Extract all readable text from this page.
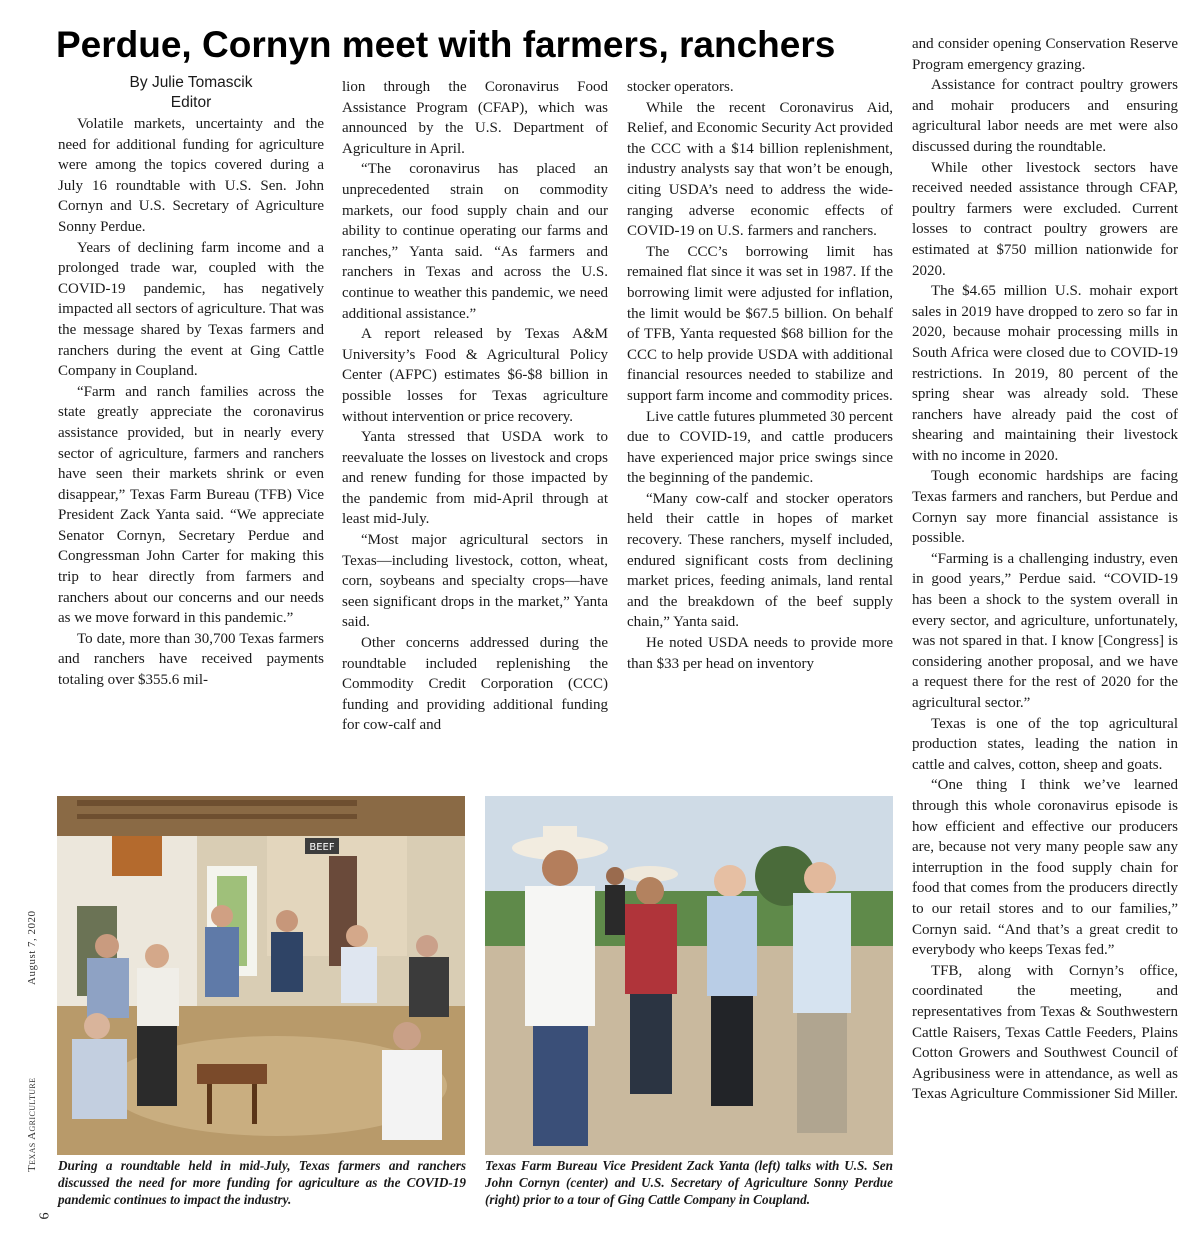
Perdue, Cornyn meet with farmers, ranchers
By Julie Tomascik
Editor

Volatile markets, uncertainty and the need for additional funding for agriculture were among the topics covered during a July 16 roundtable with U.S. Sen. John Cornyn and U.S. Secretary of Agriculture Sonny Perdue.

Years of declining farm income and a prolonged trade war, coupled with the COVID-19 pandemic, has negatively impacted all sectors of agriculture. That was the message shared by Texas farmers and ranchers during the event at Ging Cattle Company in Coupland.

“Farm and ranch families across the state greatly appreciate the coronavirus assistance provided, but in nearly every sector of agriculture, farmers and ranchers have seen their markets shrink or even disappear,” Texas Farm Bureau (TFB) Vice President Zack Yanta said. “We appreciate Senator Cornyn, Secretary Perdue and Congressman John Carter for making this trip to hear directly from farmers and ranchers about our concerns and our needs as we move forward in this pandemic.”

To date, more than 30,700 Texas farmers and ranchers have received payments totaling over $355.6 mil-

lion through the Coronavirus Food Assistance Program (CFAP), which was announced by the U.S. Department of Agriculture in April.

“The coronavirus has placed an unprecedented strain on commodity markets, our food supply chain and our ability to continue operating our farms and ranches,” Yanta said. “As farmers and ranchers in Texas and across the U.S. continue to weather this pandemic, we need additional assistance.”

A report released by Texas A&M University’s Food & Agricultural Policy Center (AFPC) estimates $6-$8 billion in possible losses for Texas agriculture without intervention or price recovery.

Yanta stressed that USDA work to reevaluate the losses on livestock and crops and renew funding for those impacted by the pandemic from mid-April through at least mid-July.

“Most major agricultural sectors in Texas—including livestock, cotton, wheat, corn, soybeans and specialty crops—have seen significant drops in the market,” Yanta said.

Other concerns addressed during the roundtable included replenishing the Commodity Credit Corporation (CCC) funding and providing additional funding for cow-calf and

stocker operators.

While the recent Coronavirus Aid, Relief, and Economic Security Act provided the CCC with a $14 billion replenishment, industry analysts say that won’t be enough, citing USDA’s need to address the wide-ranging adverse economic effects of COVID-19 on U.S. farmers and ranchers.

The CCC’s borrowing limit has remained flat since it was set in 1987. If the borrowing limit were adjusted for inflation, the limit would be $67.5 billion. On behalf of TFB, Yanta requested $68 billion for the CCC to help provide USDA with additional financial resources needed to stabilize and support farm income and commodity prices.

Live cattle futures plummeted 30 percent due to COVID-19, and cattle producers have experienced major price swings since the beginning of the pandemic.

“Many cow-calf and stocker operators held their cattle in hopes of market recovery. These ranchers, myself included, endured significant costs from declining market prices, feeding animals, land rental and the breakdown of the beef supply chain,” Yanta said.

He noted USDA needs to provide more than $33 per head on inventory

and consider opening Conservation Reserve Program emergency grazing.

Assistance for contract poultry growers and mohair producers and ensuring agricultural labor needs are met were also discussed during the roundtable.

While other livestock sectors have received needed assistance through CFAP, poultry farmers were excluded. Current losses to contract poultry growers are estimated at $750 million nationwide for 2020.

The $4.65 million U.S. mohair export sales in 2019 have dropped to zero so far in 2020, because mohair processing mills in South Africa were closed due to COVID-19 restrictions. In 2019, 80 percent of the spring shear was already sold. These ranchers have already paid the cost of shearing and maintaining their livestock with no income in 2020.

Tough economic hardships are facing Texas farmers and ranchers, but Perdue and Cornyn say more financial assistance is possible.

“Farming is a challenging industry, even in good years,” Perdue said. “COVID-19 has been a shock to the system overall in every sector, and agriculture, unfortunately, was not spared in that. I know [Congress] is considering another proposal, and we have a request there for the rest of 2020 for the agricultural sector.”

Texas is one of the top agricultural production states, leading the nation in cattle and calves, cotton, sheep and goats.

“One thing I think we’ve learned through this whole coronavirus episode is how efficient and effective our producers are, because not very many people saw any interruption in the food supply chain for food that comes from the producers directly to our retail stores and to our families,” Cornyn said. “And that’s a great credit to everybody who keeps Texas fed.”

TFB, along with Cornyn’s office, coordinated the meeting, and representatives from Texas & Southwestern Cattle Raisers, Texas Cattle Feeders, Plains Cotton Growers and Southwest Council of Agribusiness were in attendance, as well as Texas Agriculture Commissioner Sid Miller.

BEEF
During a roundtable held in mid-July, Texas farmers and ranchers discussed the need for more funding for agriculture as the COVID-19 pandemic continues to impact the industry.
Texas Farm Bureau Vice President Zack Yanta (left) talks with U.S. Sen John Cornyn (center) and U.S. Secretary of Agriculture Sonny Perdue (right) prior to a tour of Ging Cattle Company in Coupland.
August 7, 2020
Texas Agriculture
6
